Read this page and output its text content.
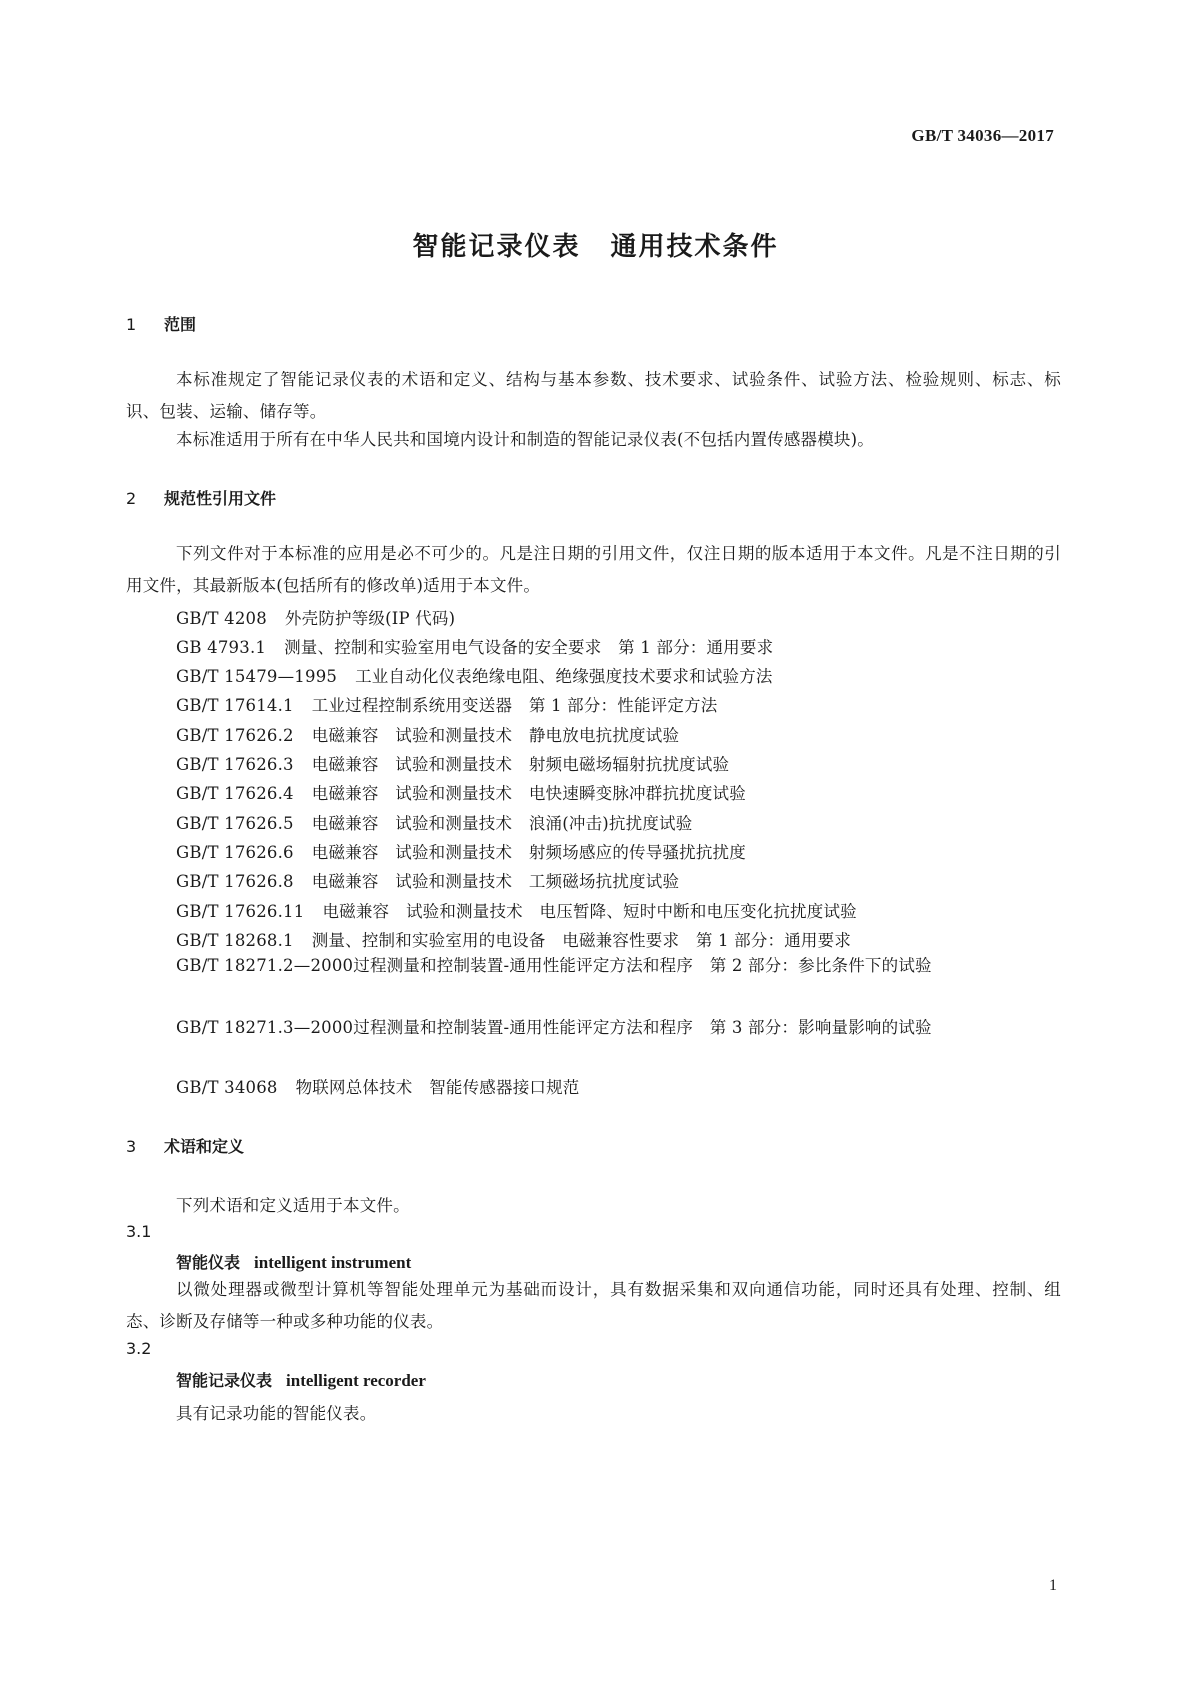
GB/T 34036—2017
智能记录仪表 通用技术条件
1 范围
本标准规定了智能记录仪表的术语和定义、结构与基本参数、技术要求、试验条件、试验方法、检验规则、标志、标识、包装、运输、储存等。
本标准适用于所有在中华人民共和国境内设计和制造的智能记录仪表(不包括内置传感器模块)。
2 规范性引用文件
下列文件对于本标准的应用是必不可少的。凡是注日期的引用文件，仅注日期的版本适用于本文件。凡是不注日期的引用文件，其最新版本(包括所有的修改单)适用于本文件。
GB/T 4208 外壳防护等级(IP 代码)
GB 4793.1 测量、控制和实验室用电气设备的安全要求　第 1 部分：通用要求
GB/T 15479—1995 工业自动化仪表绝缘电阻、绝缘强度技术要求和试验方法
GB/T 17614.1 工业过程控制系统用变送器　第 1 部分：性能评定方法
GB/T 17626.2 电磁兼容　试验和测量技术　静电放电抗扰度试验
GB/T 17626.3 电磁兼容　试验和测量技术　射频电磁场辐射抗扰度试验
GB/T 17626.4 电磁兼容　试验和测量技术　电快速瞬变脉冲群抗扰度试验
GB/T 17626.5 电磁兼容　试验和测量技术　浪涌(冲击)抗扰度试验
GB/T 17626.6 电磁兼容　试验和测量技术　射频场感应的传导骚扰抗扰度
GB/T 17626.8 电磁兼容　试验和测量技术　工频磁场抗扰度试验
GB/T 17626.11 电磁兼容　试验和测量技术　电压暂降、短时中断和电压变化抗扰度试验
GB/T 18268.1 测量、控制和实验室用的电设备　电磁兼容性要求　第 1 部分：通用要求
GB/T 18271.2—2000过程测量和控制装置-通用性能评定方法和程序　第 2 部分：参比条件下的试验
GB/T 18271.3—2000过程测量和控制装置-通用性能评定方法和程序　第 3 部分：影响量影响的试验
GB/T 34068 物联网总体技术　智能传感器接口规范
3 术语和定义
下列术语和定义适用于本文件。
3.1
智能仪表 intelligent instrument
以微处理器或微型计算机等智能处理单元为基础而设计，具有数据采集和双向通信功能，同时还具有处理、控制、组态、诊断及存储等一种或多种功能的仪表。
3.2
智能记录仪表 intelligent recorder
具有记录功能的智能仪表。
1
